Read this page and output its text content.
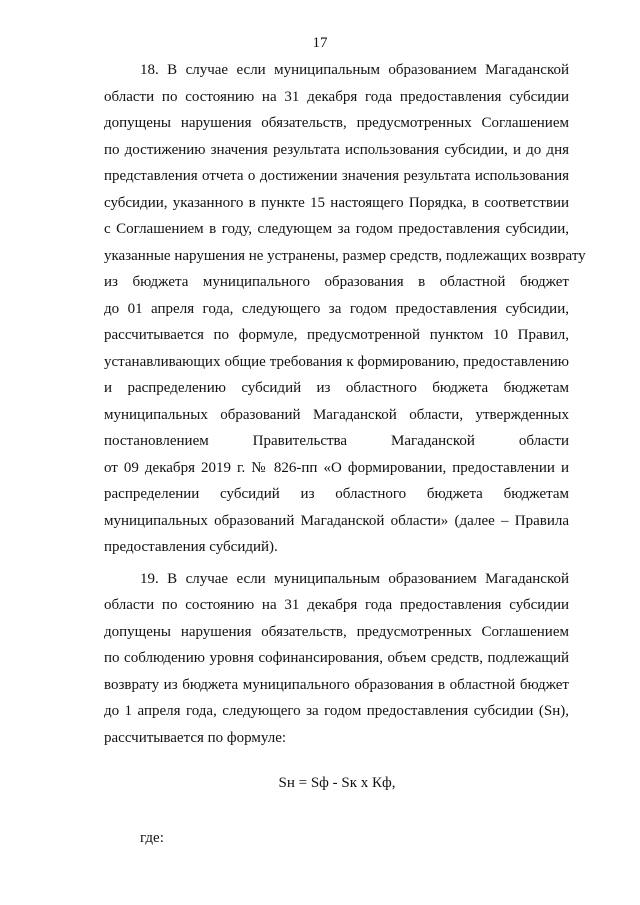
17

18. В случае если муниципальным образованием Магаданской
области по состоянию на 31 декабря года предоставления субсидии
допущены нарушения обязательств, предусмотренных Соглашением
по достижению значения результата использования субсидии, и до дня
представления отчета о достижении значения результата использования
субсидии, указанного в пункте 15 настоящего Порядка, в соответствии
с Соглашением в году, следующем за годом предоставления субсидии,
указанные нарушения не устранены, размер средств, подлежащих возврату
из бюджета муниципального образования в областной бюджет
до 01 апреля года, следующего за годом предоставления субсидии,
рассчитывается по формуле, предусмотренной пунктом 10 Правил,
устанавливающих общие требования к формированию, предоставлению
и распределению субсидий из областного бюджета бюджетам
муниципальных образований Магаданской области, утвержденных
постановлением Правительства Магаданской области
от 09 декабря 2019 г. № 826-пп «О формировании, предоставлении и
распределении субсидий из областного бюджета бюджетам
муниципальных образований Магаданской области» (далее – Правила
предоставления субсидий).

19. В случае если муниципальным образованием Магаданской
области по состоянию на 31 декабря года предоставления субсидии
допущены нарушения обязательств, предусмотренных Соглашением
по соблюдению уровня софинансирования, объем средств, подлежащий
возврату из бюджета муниципального образования в областной бюджет
до 1 апреля года, следующего за годом предоставления субсидии (Sн),
рассчитывается по формуле:

Sн = Sф - Sк х Кф,
где:
